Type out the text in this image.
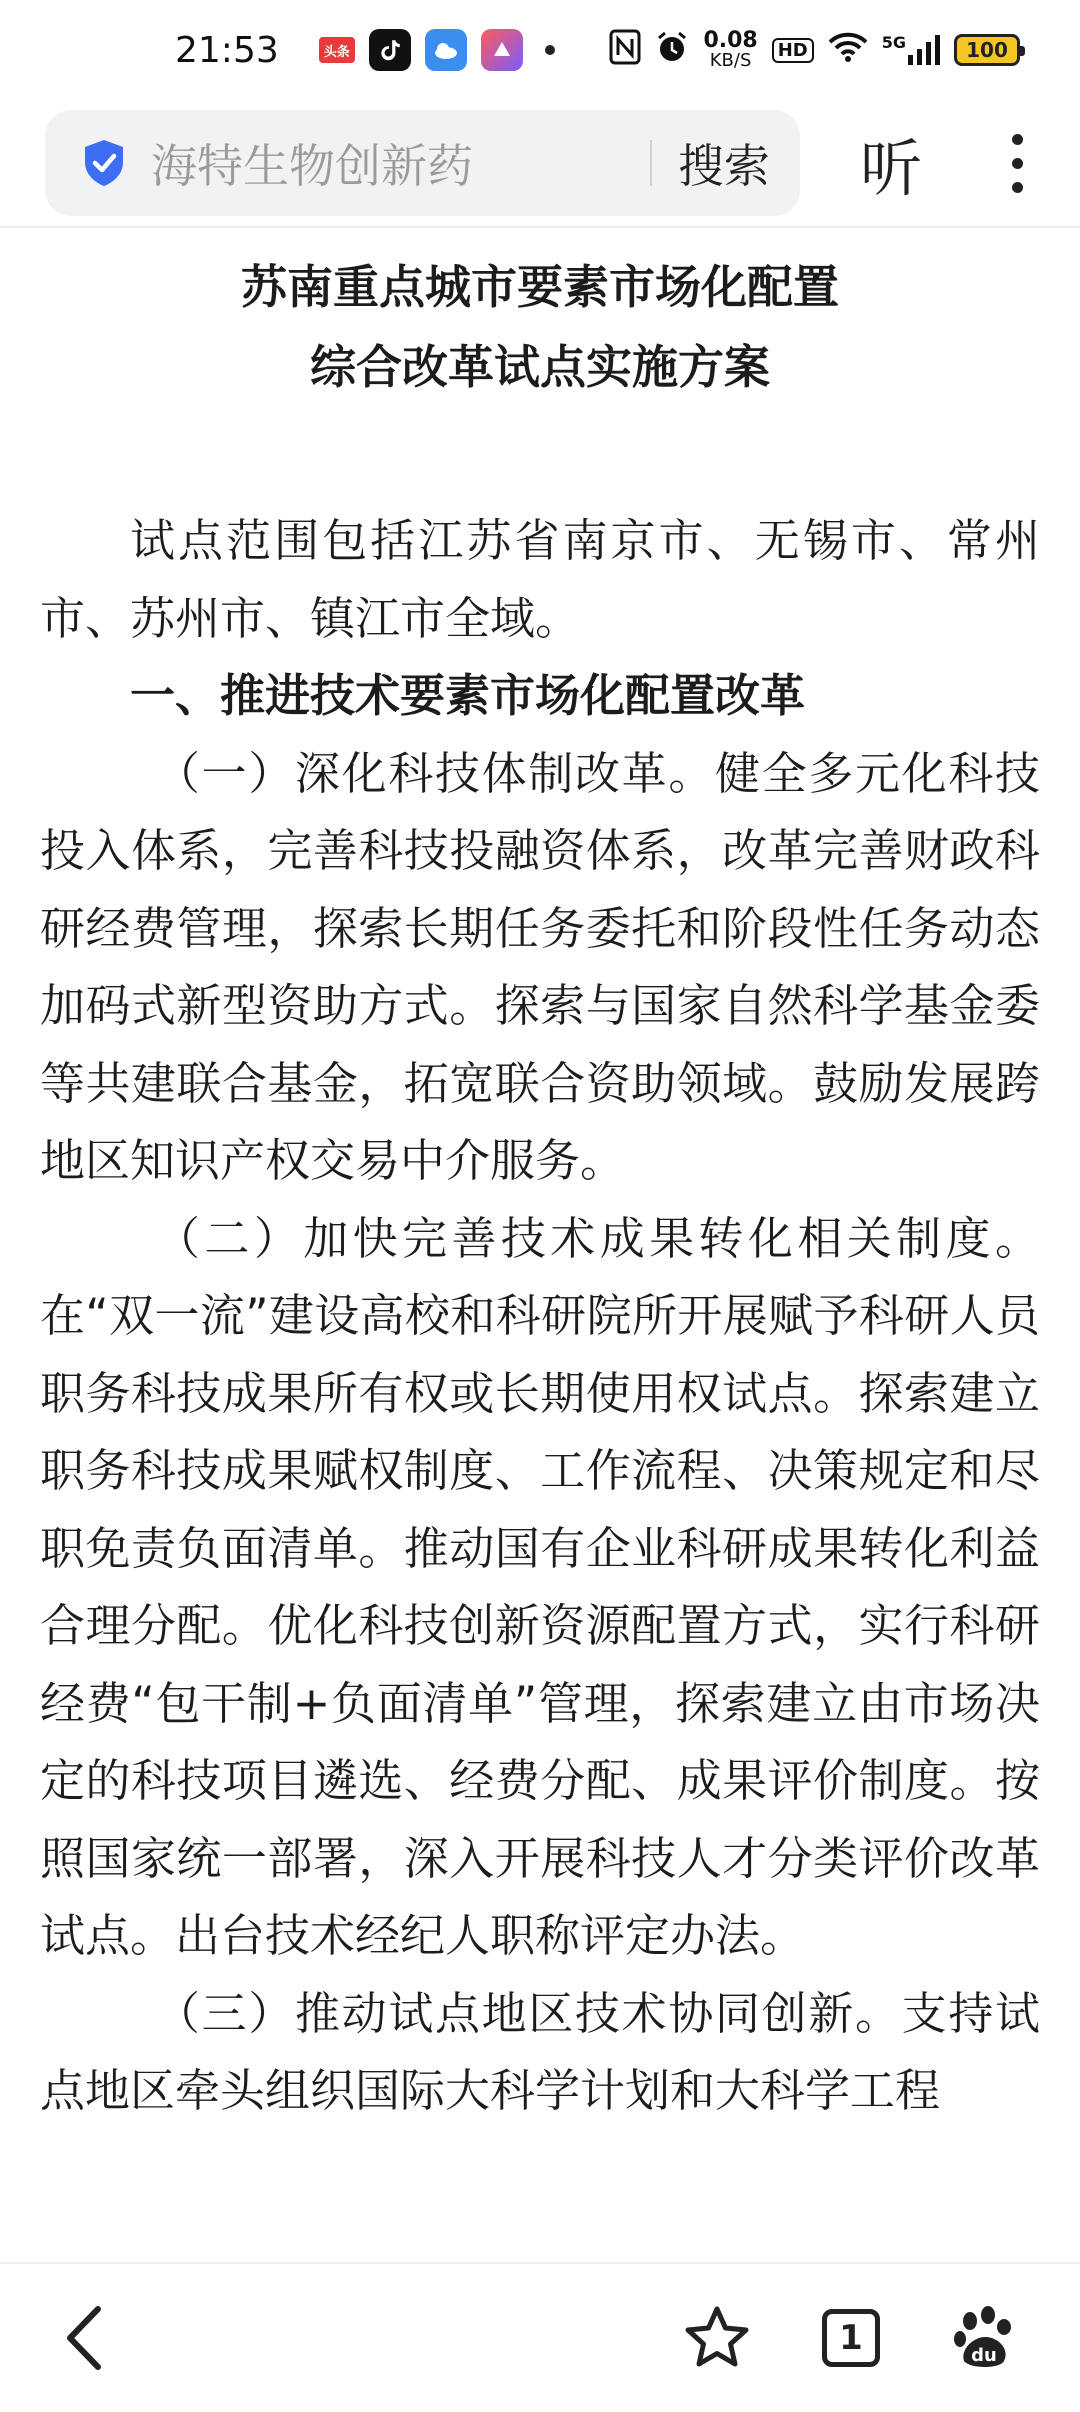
21:53	头条	0.08
KB/S	HD	5G	100
海特生物创新药	搜索 听
苏南重点城市要素市场化配置
综合改革试点实施方案

试点范围包括江苏省南京市、无锡市、常州市、苏州市、镇江市全域。

一、推进技术要素市场化配置改革

（一）深化科技体制改革。健全多元化科技投入体系，完善科技投融资体系，改革完善财政科研经费管理，探索长期任务委托和阶段性任务动态加码式新型资助方式。探索与国家自然科学基金委等共建联合基金，拓宽联合资助领域。鼓励发展跨地区知识产权交易中介服务。

（二）加快完善技术成果转化相关制度。在“双一流”建设高校和科研院所开展赋予科研人员职务科技成果所有权或长期使用权试点。探索建立职务科技成果赋权制度、工作流程、决策规定和尽职免责负面清单。推动国有企业科研成果转化利益合理分配。优化科技创新资源配置方式，实行科研经费“包干制+负面清单”管理，探索建立由市场决定的科技项目遴选、经费分配、成果评价制度。按照国家统一部署，深入开展科技人才分类评价改革试点。出台技术经纪人职称评定办法。

（三）推动试点地区技术协同创新。支持试点地区牵头组织国际大科学计划和大科学工程

1	du
